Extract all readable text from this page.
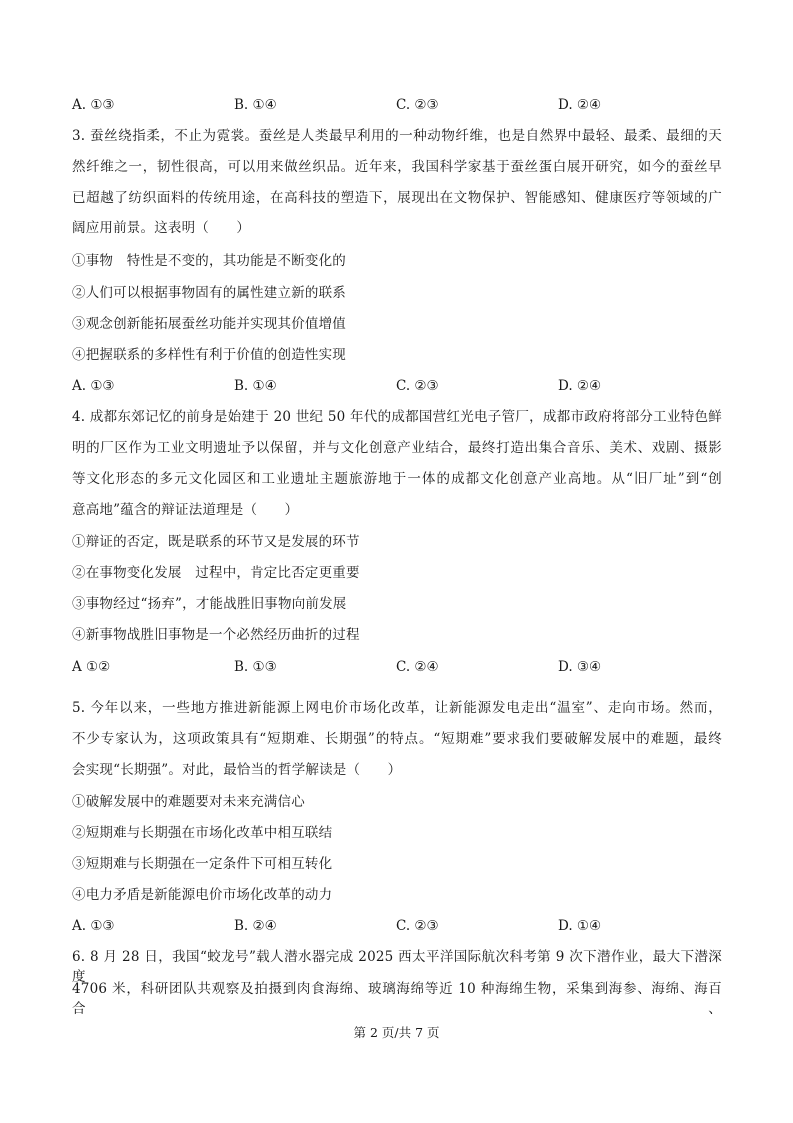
A. ①③	B. ①④	C. ②③	D. ②④
3. 蚕丝绕指柔，不止为霓裳。蚕丝是人类最早利用的一种动物纤维，也是自然界中最轻、最柔、最细的天
然纤维之一，韧性很高，可以用来做丝织品。近年来，我国科学家基于蚕丝蛋白展开研究，如今的蚕丝早
已超越了纺织面料的传统用途，在高科技的塑造下，展现出在文物保护、智能感知、健康医疗等领域的广
阔应用前景。这表明（　　）
①事物　特性是不变的，其功能是不断变化的
②人们可以根据事物固有的属性建立新的联系
③观念创新能拓展蚕丝功能并实现其价值增值
④把握联系的多样性有利于价值的创造性实现
A. ①③	B. ①④	C. ②③	D. ②④
4. 成都东郊记忆的前身是始建于 20 世纪 50 年代的成都国营红光电子管厂，成都市政府将部分工业特色鲜
明的厂区作为工业文明遗址予以保留，并与文化创意产业结合，最终打造出集合音乐、美术、戏剧、摄影
等文化形态的多元文化园区和工业遗址主题旅游地于一体的成都文化创意产业高地。从“旧厂址”到“创
意高地”蕴含的辩证法道理是（　　）
①辩证的否定，既是联系的环节又是发展的环节
②在事物变化发展　过程中，肯定比否定更重要
③事物经过“扬弃”，才能战胜旧事物向前发展
④新事物战胜旧事物是一个必然经历曲折的过程
A ①②	B. ①③	C. ②④	D. ③④
5. 今年以来，一些地方推进新能源上网电价市场化改革，让新能源发电走出“温室”、走向市场。然而，
不少专家认为，这项政策具有“短期难、长期强”的特点。“短期难”要求我们要破解发展中的难题，最终
会实现“长期强”。对此，最恰当的哲学解读是（　　）
①破解发展中的难题要对未来充满信心
②短期难与长期强在市场化改革中相互联结
③短期难与长期强在一定条件下可相互转化
④电力矛盾是新能源电价市场化改革的动力
A. ①③	B. ②④	C. ②③	D. ①④
6. 8 月 28 日，我国“蛟龙号”载人潜水器完成 2025 西太平洋国际航次科考第 9 次下潜作业，最大下潜深度
4706 米，科研团队共观察及拍摄到肉食海绵、玻璃海绵等近 10 种海绵生物，采集到海参、海绵、海百合、
第 2 页/共 7 页
